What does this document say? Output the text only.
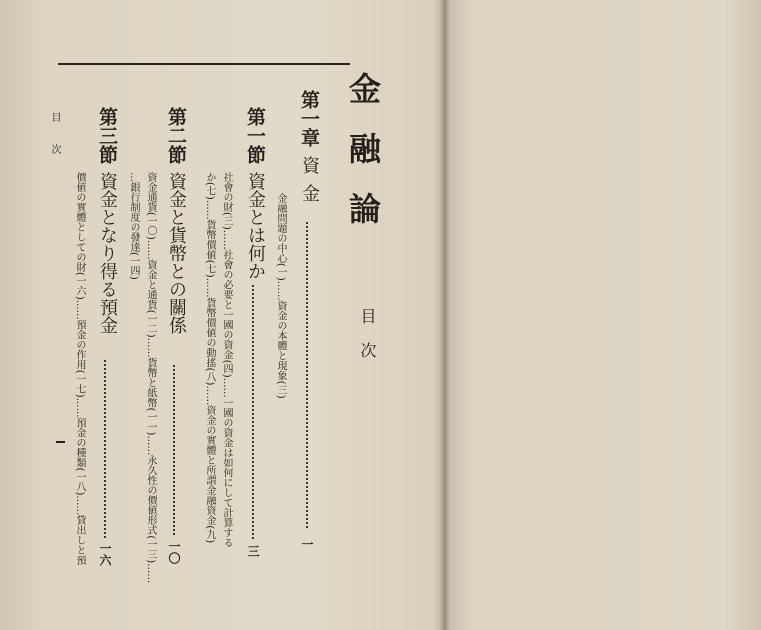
金融論
目次
第一章
資金
一
金融問題の中心(一)……資金の本體と現象(三)
第一節
資金とは何か
三
社會の財(三)……社會の必要と一國の資金(四)……一國の資金は如何にして計算する
か(七)……貨幣價値(七)……貨幣價値の動搖(八)……資金の實體と所謂金融資金(九)
第二節
資金と貨幣との關係
一〇
資金通貨(一〇)……資金と通貨(一二)……貨幣と紙幣(一一)……永久性の價値形式(一三)……
…銀行制度の發達(一四)
第三節
資金となり得る預金
一六
價値の實體としての財(一六)……預金の作用(一七)……預金の種類(一八)……貸出しと預
目次
